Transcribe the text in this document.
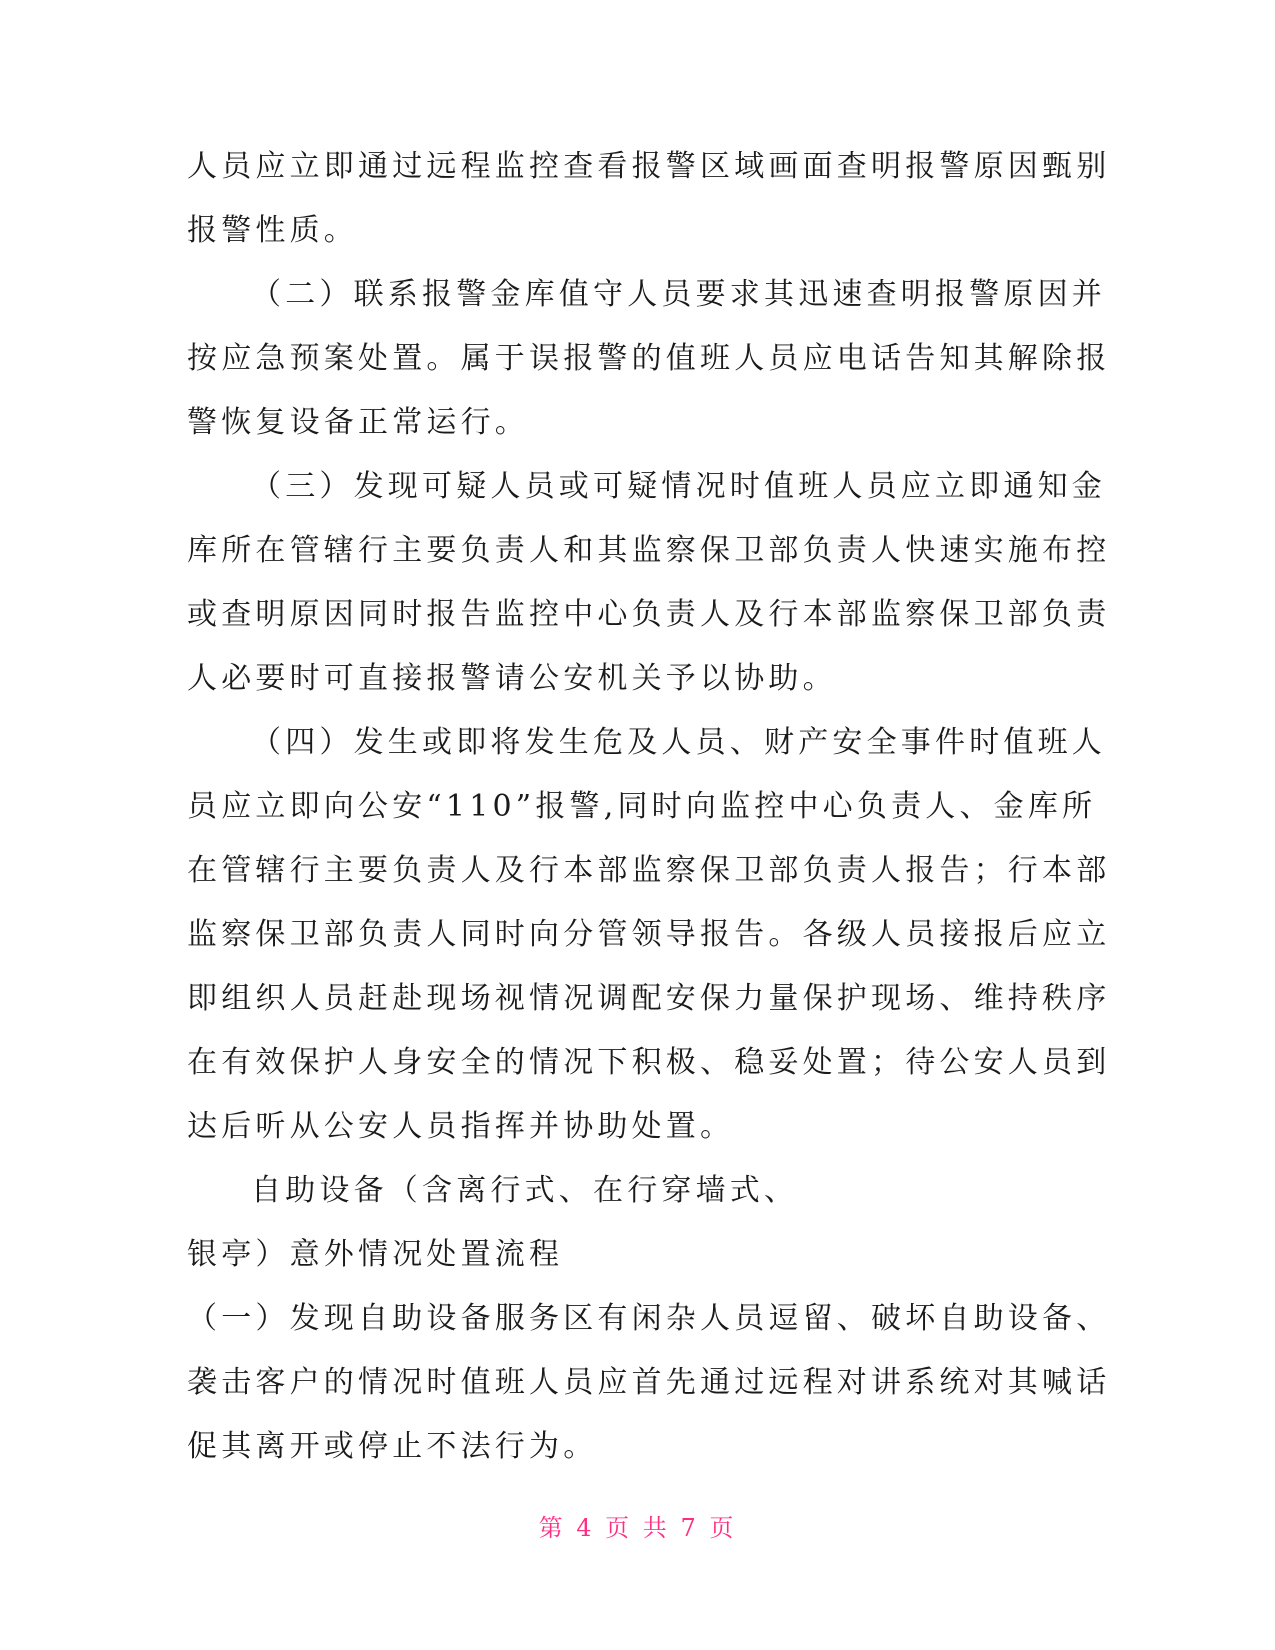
人员应立即通过远程监控查看报警区域画面查明报警原因甄别
报警性质。
（二）联系报警金库值守人员要求其迅速查明报警原因并
按应急预案处置。属于误报警的值班人员应电话告知其解除报
警恢复设备正常运行。
（三）发现可疑人员或可疑情况时值班人员应立即通知金
库所在管辖行主要负责人和其监察保卫部负责人快速实施布控
或查明原因同时报告监控中心负责人及行本部监察保卫部负责
人必要时可直接报警请公安机关予以协助。
（四）发生或即将发生危及人员、财产安全事件时值班人
员应立即向公安“110”报警,同时向监控中心负责人、金库所
在管辖行主要负责人及行本部监察保卫部负责人报告；行本部
监察保卫部负责人同时向分管领导报告。各级人员接报后应立
即组织人员赶赴现场视情况调配安保力量保护现场、维持秩序
在有效保护人身安全的情况下积极、稳妥处置；待公安人员到
达后听从公安人员指挥并协助处置。
自助设备（含离行式、在行穿墙式、
银亭）意外情况处置流程
（一）发现自助设备服务区有闲杂人员逗留、破坏自助设备、
袭击客户的情况时值班人员应首先通过远程对讲系统对其喊话
促其离开或停止不法行为。
第 4 页 共 7 页
